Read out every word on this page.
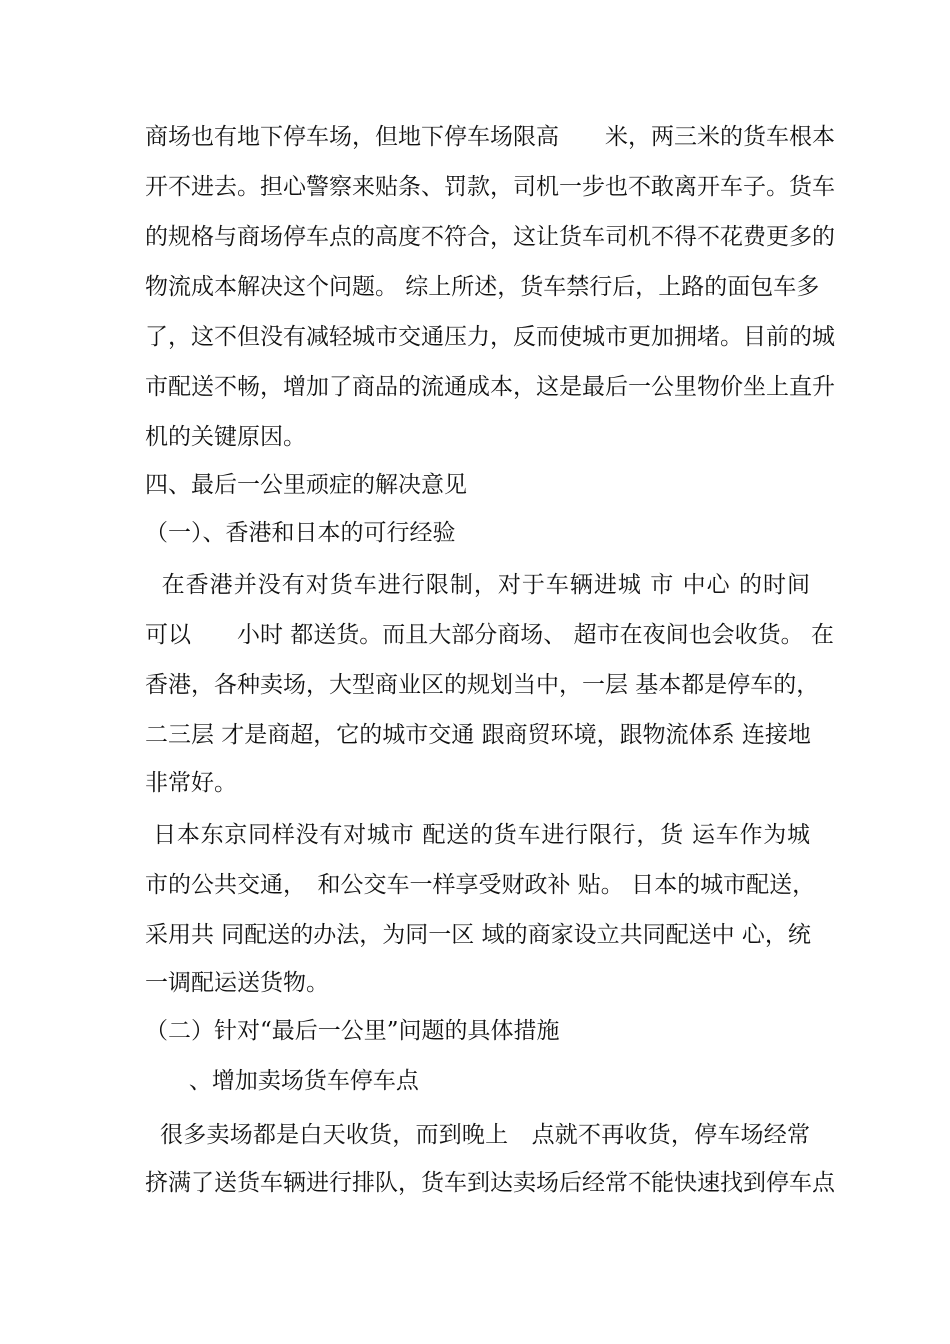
商场也有地下停车场，但地下停车场限高　　米，两三米的货车根本
开不进去。担心警察来贴条、罚款，司机一步也不敢离开车子。货车
的规格与商场停车点的高度不符合，这让货车司机不得不花费更多的
物流成本解决这个问题。 综上所述，货车禁行后，上路的面包车多
了，这不但没有减轻城市交通压力，反而使城市更加拥堵。目前的城
市配送不畅，增加了商品的流通成本，这是最后一公里物价坐上直升
机的关键原因。
四、最后一公里顽症的解决意见
（一）、香港和日本的可行经验
在香港并没有对货车进行限制，对于车辆进城 市 中心 的时间
可以　　小时 都送货。而且大部分商场、 超市在夜间也会收货。 在
香港，各种卖场，大型商业区的规划当中，一层 基本都是停车的，
二三层 才是商超，它的城市交通 跟商贸环境，跟物流体系 连接地
非常好。
日本东京同样没有对城市 配送的货车进行限行，货 运车作为城
市的公共交通，　和公交车一样享受财政补 贴。 日本的城市配送，
采用共 同配送的办法，为同一区 域的商家设立共同配送中 心，统
一调配运送货物。
（二）针对“最后一公里”问题的具体措施
、增加卖场货车停车点
很多卖场都是白天收货，而到晚上　点就不再收货，停车场经常
挤满了送货车辆进行排队，货车到达卖场后经常不能快速找到停车点
